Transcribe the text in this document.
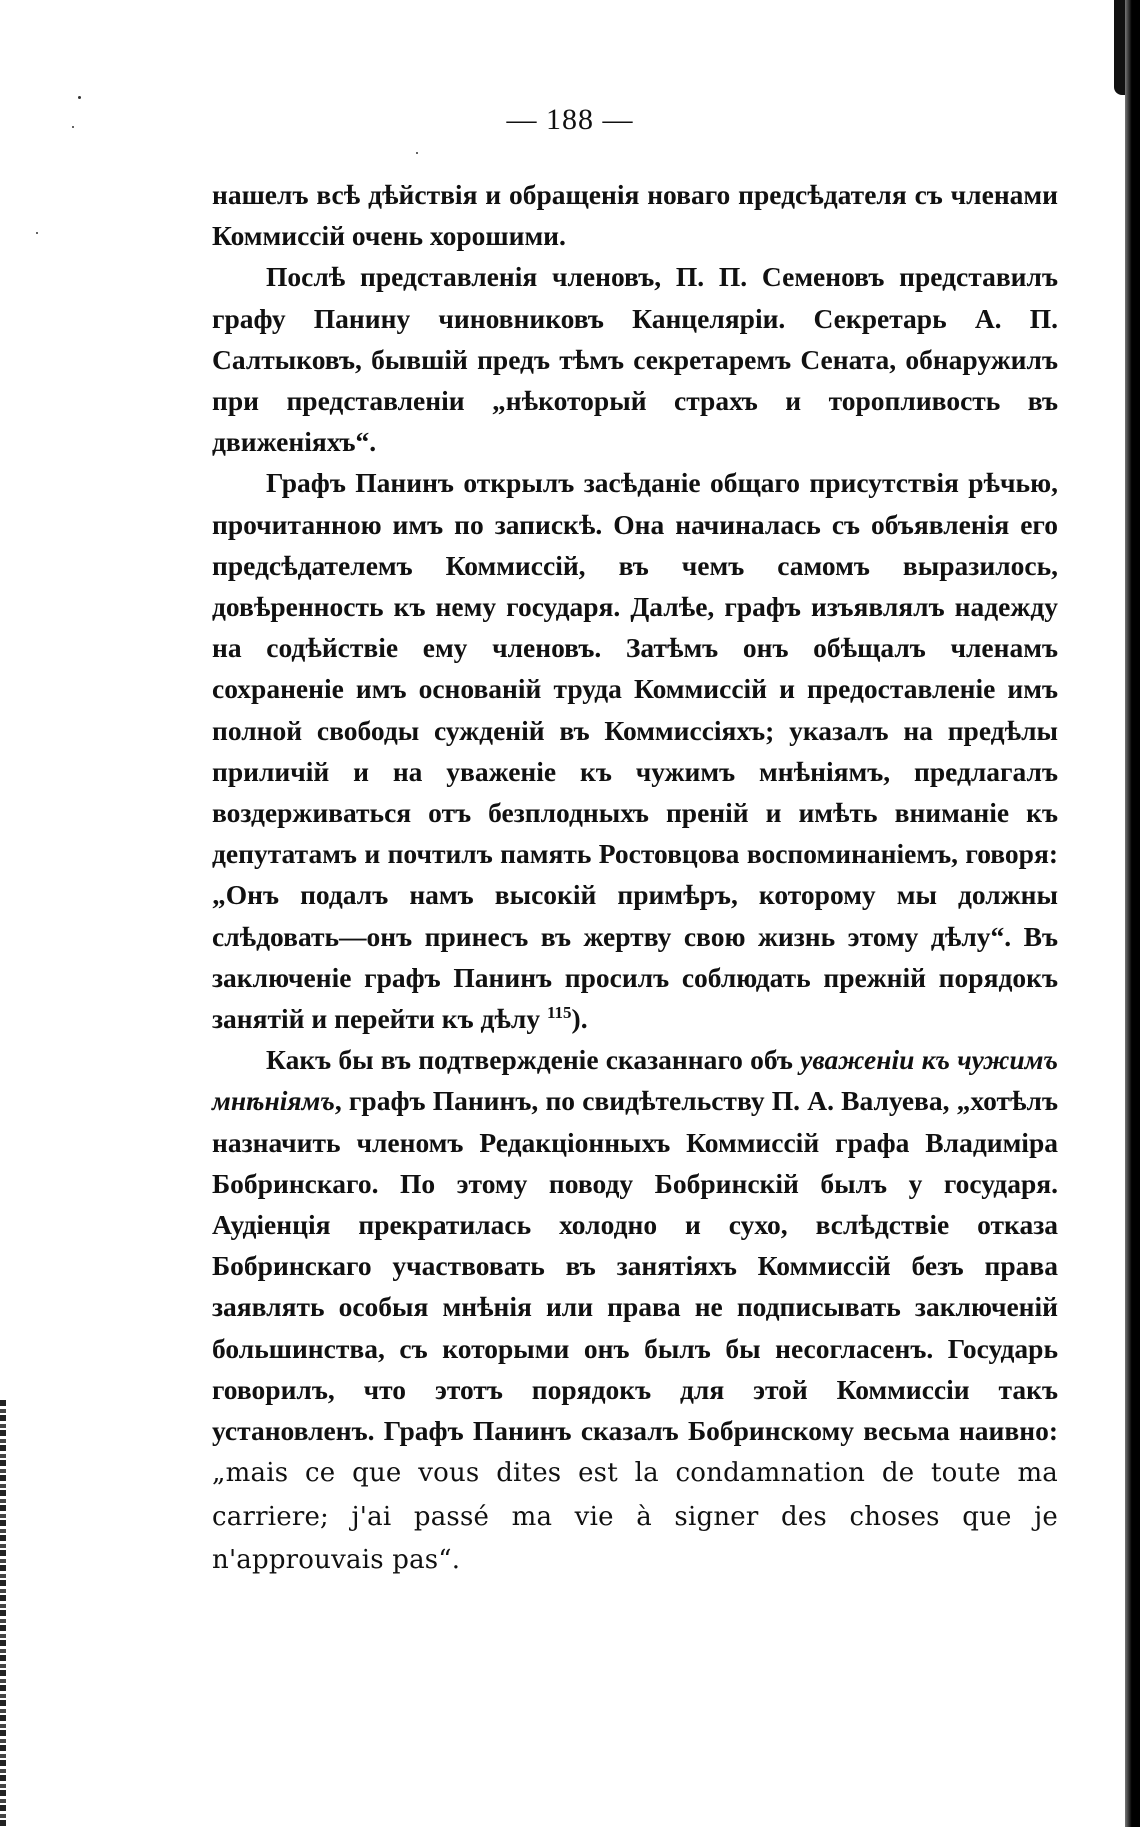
— 188 —

нашелъ всѣ дѣйствія и обращенія новаго предсѣдателя съ членами Коммиссій очень хорошими.

Послѣ представленія членовъ, П. П. Семеновъ представилъ графу Панину чиновниковъ Канцеляріи. Секретарь А. П. Салтыковъ, бывшій предъ тѣмъ секретаремъ Сената, обнаружилъ при представленіи „нѣкоторый страхъ и торопливость въ движеніяхъ“.

Графъ Панинъ открылъ засѣданіе общаго присутствія рѣчью, прочитанною имъ по запискѣ. Она начиналась съ объявленія его предсѣдателемъ Коммиссій, въ чемъ самомъ выразилось, довѣренность къ нему государя. Далѣе, графъ изъявлялъ надежду на содѣйствіе ему членовъ. Затѣмъ онъ обѣщалъ членамъ сохраненіе имъ основаній труда Коммиссій и предоставленіе имъ полной свободы сужденій въ Коммиссіяхъ; указалъ на предѣлы приличій и на уваженіе къ чужимъ мнѣніямъ, предлагалъ воздерживаться отъ безплодныхъ преній и имѣть вниманіе къ депутатамъ и почтилъ память Ростовцова воспоминаніемъ, говоря: „Онъ подалъ намъ высокій примѣръ, которому мы должны слѣдовать—онъ принесъ въ жертву свою жизнь этому дѣлу“. Въ заключеніе графъ Панинъ просилъ соблюдать прежній порядокъ занятій и перейти къ дѣлу $^{115}$).

Какъ бы въ подтвержденіе сказаннаго объ уваженіи къ чужимъ мнѣніямъ, графъ Панинъ, по свидѣтельству П. А. Валуева, „хотѣлъ назначить членомъ Редакціонныхъ Коммиссій графа Владиміра Бобринскаго. По этому поводу Бобринскій былъ у государя. Аудіенція прекратилась холодно и сухо, вслѣдствіе отказа Бобринскаго участвовать въ занятіяхъ Коммиссій безъ права заявлять особыя мнѣнія или права не подписывать заключеній большинства, съ которыми онъ былъ бы несогласенъ. Государь говорилъ, что этотъ порядокъ для этой Коммиссіи такъ установленъ. Графъ Панинъ сказалъ Бобринскому весьма наивно: „mais ce que vous dites est la condamnation de toute ma carriere; j'ai passé ma vie à signer des choses que je n'approuvais pas“.
